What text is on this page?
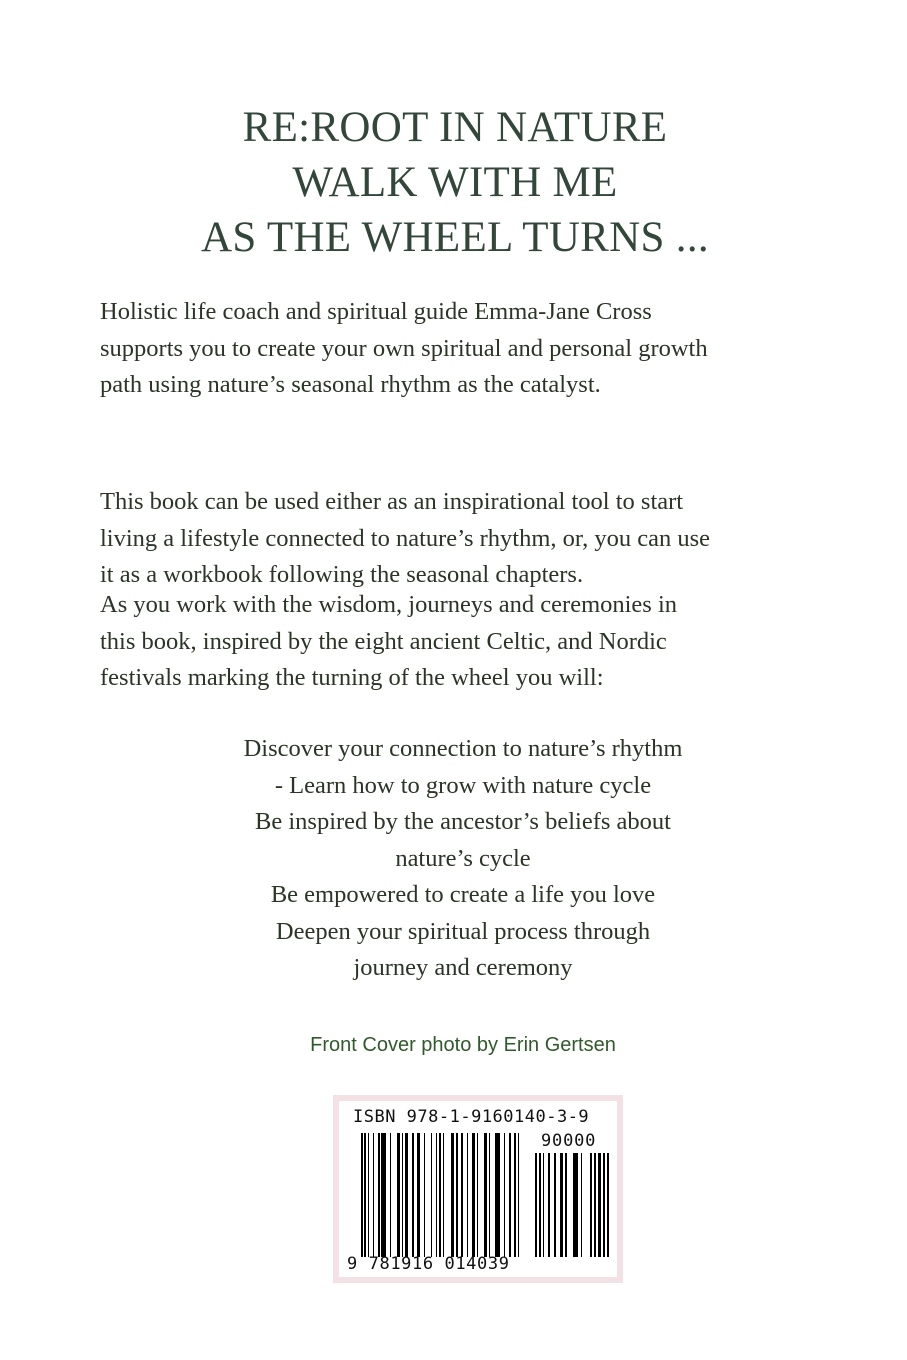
RE:ROOT IN NATURE
WALK WITH ME
AS THE WHEEL TURNS ...
Holistic life coach and spiritual guide Emma-Jane Cross
supports you to create your own spiritual and personal growth
path using nature’s seasonal rhythm as the catalyst.
This book can be used either as an inspirational tool to start
living a lifestyle connected to nature’s rhythm, or, you can use
it as a workbook following the seasonal chapters.
As you work with the wisdom, journeys and ceremonies in
this book, inspired by the eight ancient Celtic, and Nordic
festivals marking the turning of the wheel you will:
Discover your connection to nature’s rhythm
- Learn how to grow with nature cycle
Be inspired by the ancestor’s beliefs about
nature’s cycle
Be empowered to create a life you love
Deepen your spiritual process through
journey and ceremony
Front Cover photo by Erin Gertsen
ISBN 978-1-9160140-3-9
90000
9 781916 014039
